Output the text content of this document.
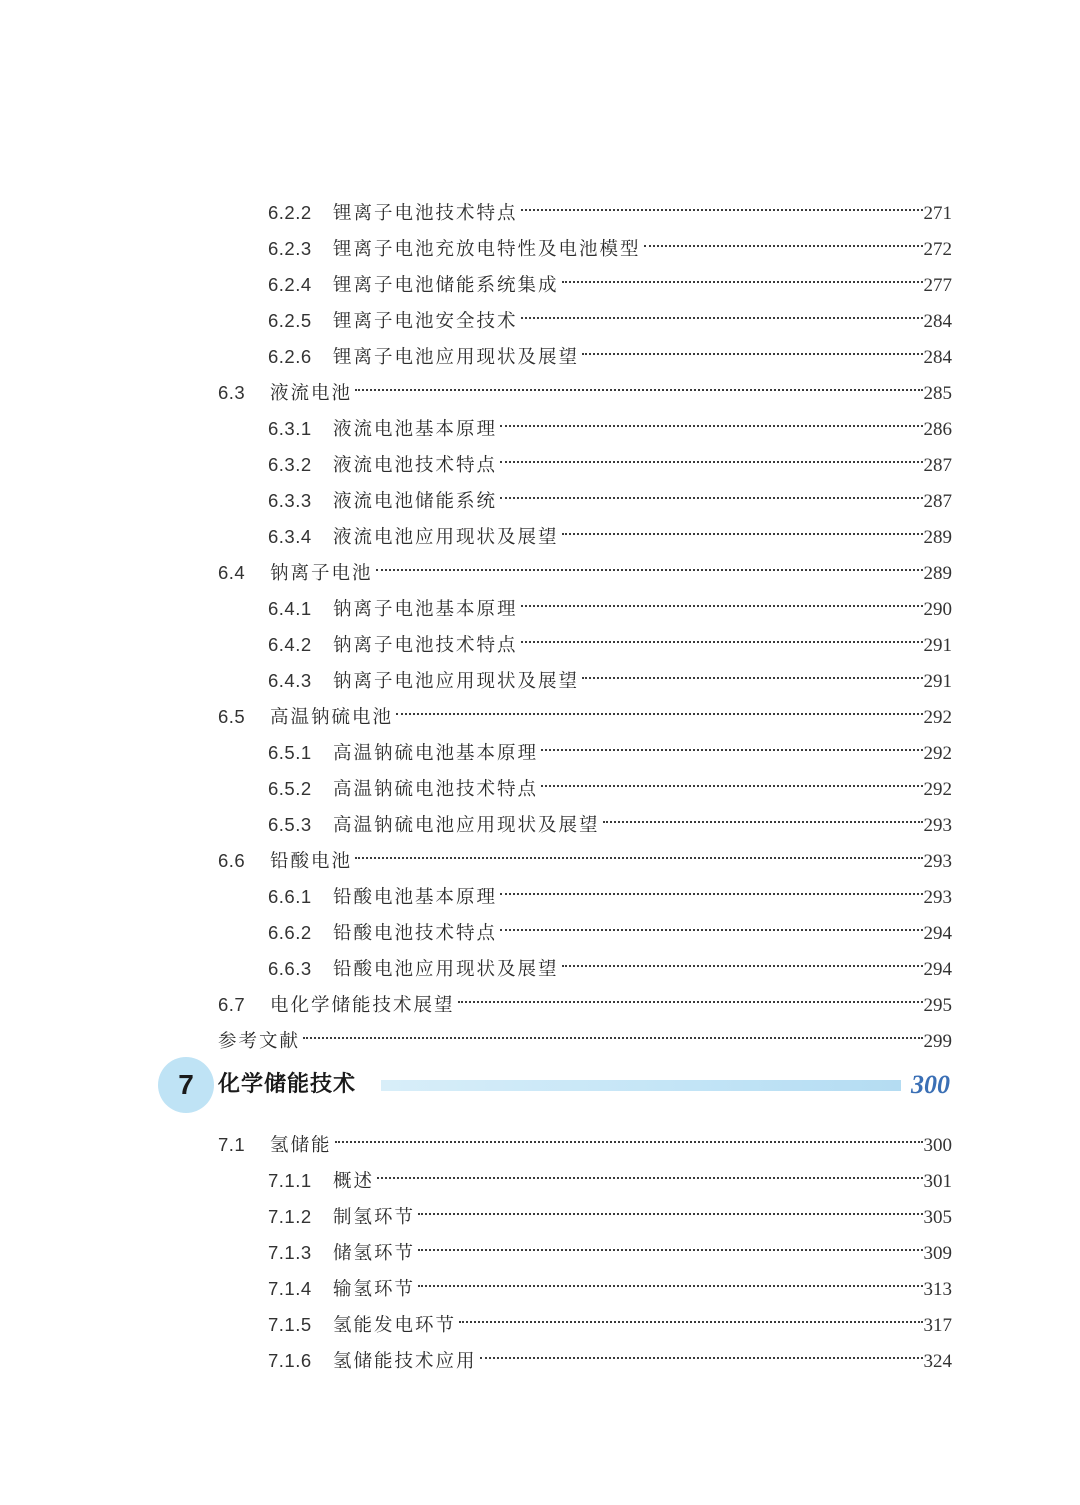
6.2.2	锂离子电池技术特点	271
6.2.3	锂离子电池充放电特性及电池模型	272
6.2.4	锂离子电池储能系统集成	277
6.2.5	锂离子电池安全技术	284
6.2.6	锂离子电池应用现状及展望	284
6.3	液流电池	285
6.3.1	液流电池基本原理	286
6.3.2	液流电池技术特点	287
6.3.3	液流电池储能系统	287
6.3.4	液流电池应用现状及展望	289
6.4	钠离子电池	289
6.4.1	钠离子电池基本原理	290
6.4.2	钠离子电池技术特点	291
6.4.3	钠离子电池应用现状及展望	291
6.5	高温钠硫电池	292
6.5.1	高温钠硫电池基本原理	292
6.5.2	高温钠硫电池技术特点	292
6.5.3	高温钠硫电池应用现状及展望	293
6.6	铅酸电池	293
6.6.1	铅酸电池基本原理	293
6.6.2	铅酸电池技术特点	294
6.6.3	铅酸电池应用现状及展望	294
6.7	电化学储能技术展望	295
参考文献	299
7 化学储能技术	300
7.1	氢储能	300
7.1.1	概述	301
7.1.2	制氢环节	305
7.1.3	储氢环节	309
7.1.4	输氢环节	313
7.1.5	氢能发电环节	317
7.1.6	氢储能技术应用	324
